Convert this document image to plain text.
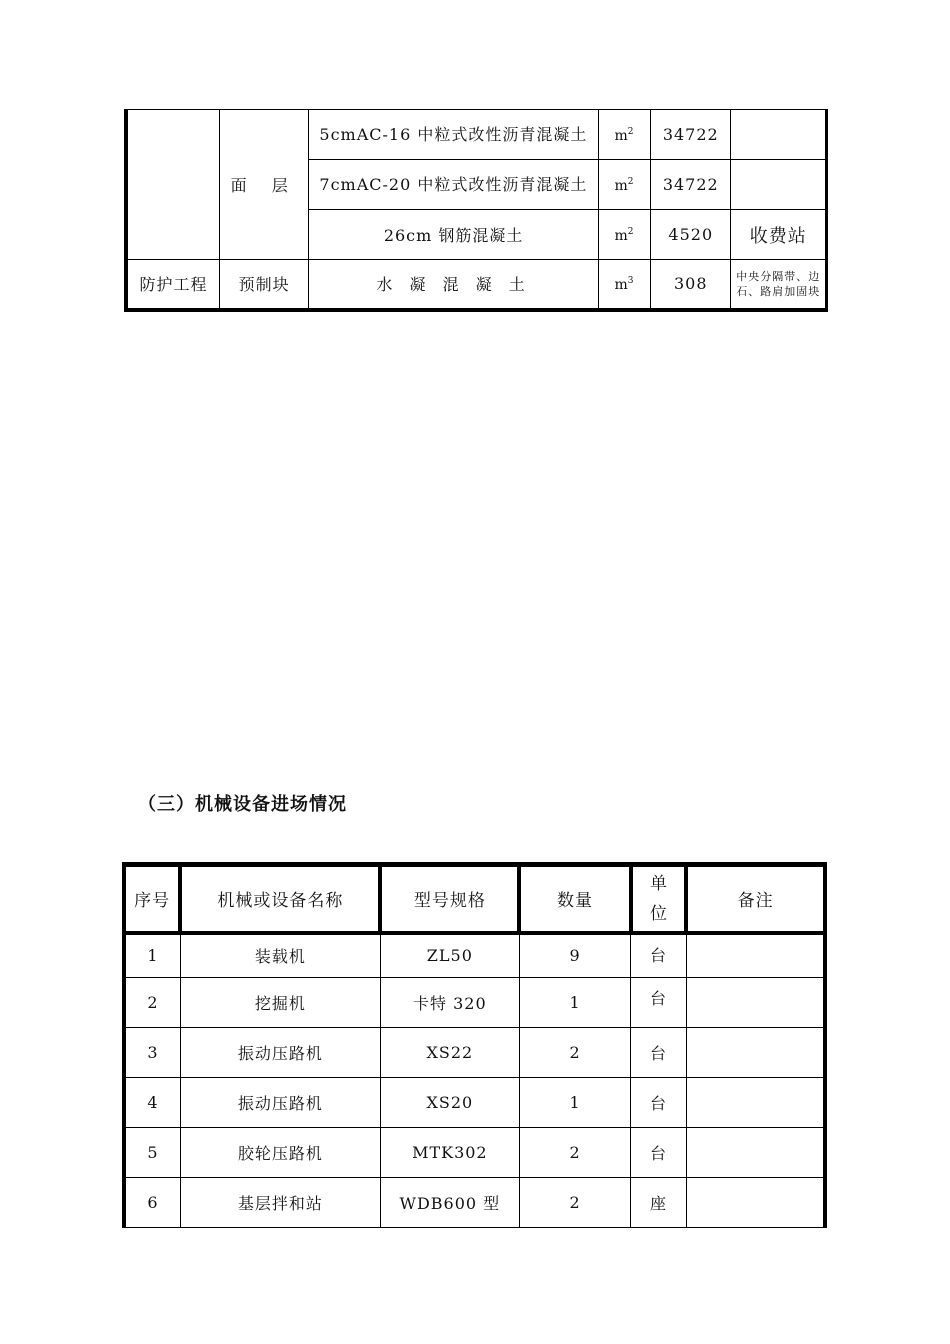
	面 层	5cmAC-16 中粒式改性沥青混凝土	$m^2$	34722	
		7cmAC-20 中粒式改性沥青混凝土	$m^2$	34722	
		26cm 钢筋混凝土	$m^2$	4520	收费站
防护工程	预制块	水 凝 混 凝 土	$m^3$	308	中央分隔带、边石、路肩加固块
（三）机械设备进场情况
序号	机械或设备名称	型号规格	数量	单位	备注
1	装载机	ZL50	9	台	
2	挖掘机	卡特 320	1	台	
3	振动压路机	XS22	2	台	
4	振动压路机	XS20	1	台	
5	胶轮压路机	MTK302	2	台	
6	基层拌和站	WDB600 型	2	座	
